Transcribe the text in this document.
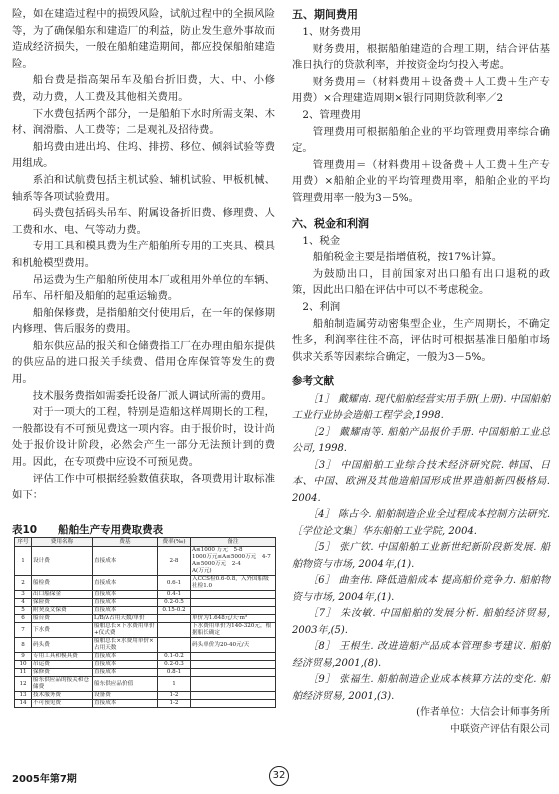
险，如在建造过程中的损毁风险，试航过程中的全损风险等，为了确保船东和建造厂的利益，防止发生意外事故而造成经济损失，一般在船舶建造期间，都应投保船舶建造险。

船台费是指高架吊车及船台折旧费，大、中、小修费，动力费，人工费及其他相关费用。

下水费包括两个部分，一是船舶下水时所需支架、木材、润滑脂、人工费等；二是观礼及招待费。

船坞费由进出坞、住坞、排捞、移位、倾斜试验等费用组成。

系泊和试航费包括主机试验、辅机试验、甲板机械、轴系等各项试验费用。

码头费包括码头吊车、附属设备折旧费、修理费、人工费和水、电、气等动力费。

专用工具和模具费为生产船舶所专用的工夹具、模具和机舱模型费用。

吊运费为生产船舶所使用本厂或租用外单位的车辆、吊车、吊杆船及船舶的起重运输费。

船舶保修费，是指船舶交付使用后，在一年的保修期内修理、售后服务的费用。

船东供应品的报关和仓储费指工厂在办理由船东提供的供应品的进口报关手续费、借用仓库保管等发生的费用。

技术服务费指如需委托设备厂派人调试所需的费用。

对于一项大的工程，特别是造船这样周期长的工程，一般都设有不可预见费这一项内容。由于报价时，设计尚处于报价设计阶段，必然会产生一部分无法预计到的费用。因此，在专项费中应设不可预见费。

评估工作中可根据经验数值获取，各项费用计取标准如下：

表10　　船舶生产专用费取费表
序号	费用名称	费基	费率(‰)	备注
1	设计费	直接成本	2-8	A≤1000 万元　5-8
1000万元≤A≤5000万元　4-7
A≥5000万元　2-4
A(万元)
2	船检费	直接成本	0.6-1	入CCS检0.6-0.8，入外国船级社检1.0
3	出口船保金	直接成本	0.4-1	
4	保险费	直接成本	0.2-0.5	
5	附契及文保费	直接成本	0.15-0.2	
6	船台费	L/B/λ占用天数/单价		单价为1.648元/天·m²
7	下水费	船舶总长×下水费用单价+仪式费		下水费用单价为140-320元，根据船长确定
8	码头费	船舶总长×水费用单价×占用天数		码头单价为20-40元/天
9	专用工具和模具费	直接成本	0.1-0.2	
10	吊运费	直接成本	0.2-0.3	
11	保修费	直接成本	0.8-1	
12	船东供应品的报关和仓储费	船东供应品价值	1	
13	技术服务费	设备费	1-2	
14	不可预见费	直接成本	1-2	
五、期间费用

1、财务费用

财务费用，根据船舶建造的合理工期，结合评估基准日执行的贷款利率，并按资金均匀投入考虑。

财务费用＝（材料费用＋设备费＋人工费＋生产专用费）×合理建造周期×银行同期贷款利率／2

2、管理费用

管理费用可根据船舶企业的平均管理费用率综合确定。

管理费用＝（材料费用＋设备费＋人工费＋生产专用费）×船舶企业的平均管理费用率，船舶企业的平均管理费用率一般为3－5%。

六、税金和利润

1、税金

船舶税金主要是指增值税，按17%计算。

为鼓励出口，目前国家对出口船有出口退税的政策，因此出口船在评估中可以不考虑税金。

2、利润

船舶制造属劳动密集型企业，生产周期长，不确定性多，利润率往往不高，评估时可根据基准日船舶市场供求关系等因素综合确定，一般为3－5%。

参考文献

［1］ 戴耀南. 现代船舶经营实用手册(上册). 中国船舶工业行业协会造船工程学会,1998.

［2］ 戴耀南等. 船舶产品报价手册. 中国船舶工业总公司, 1998.

［3］ 中国船舶工业综合技术经济研究院. 韩国、日本、中国、欧洲及其他造船国形成世界造船新四极格局. 2004.

［4］ 陈占今. 船舶制造企业全过程成本控制方法研究.［学位论文集］华东船舶工业学院, 2004.

［5］ 张广钦. 中国船舶工业新世纪新阶段新发展. 船舶物资与市场, 2004年,(1).

［6］ 曲奎伟. 降低造船成本 提高船价竞争力. 船舶物资与市场, 2004年,(1).

［7］ 朱汝敏. 中国船舶的发展分析. 船舶经济贸易, 2003年,(5).

［8］ 王根生. 改进造船产品成本管理参考建议. 船舶经济贸易,2001,(8).

［9］ 张福生. 船舶制造企业成本核算方法的变化. 船舶经济贸易, 2001,(3).

(作者单位：大信会计师事务所

中联资产评估有限公司

2005年第7期	32
